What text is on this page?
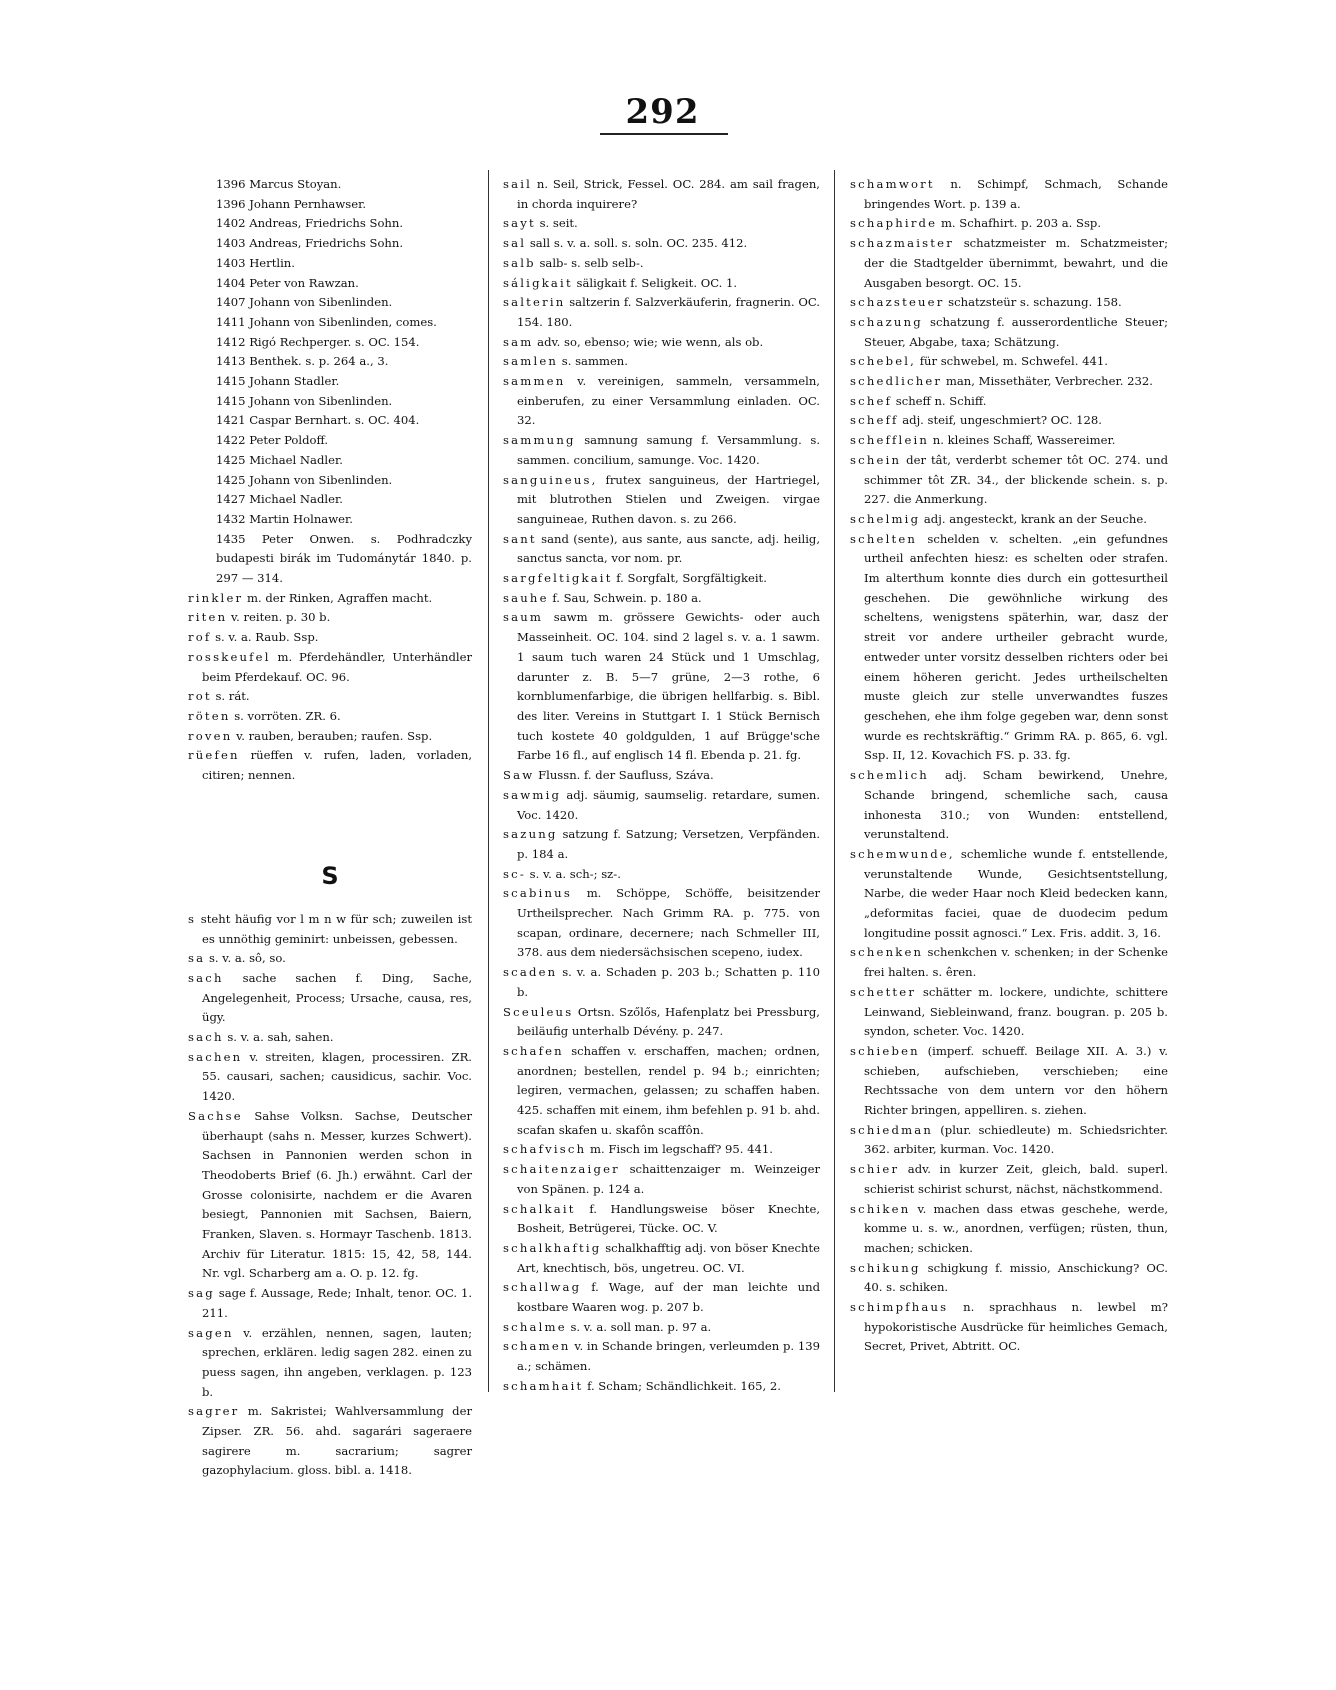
292
1396 Marcus Stoyan.
1396 Johann Pernhawser.
1402 Andreas, Friedrichs Sohn.
1403 Andreas, Friedrichs Sohn.
1403 Hertlin.
1404 Peter von Rawzan.
1407 Johann von Sibenlinden.
1411 Johann von Sibenlinden, comes.
1412 Rigó Rechperger. s. OC. 154.
1413 Benthek. s. p. 264 a., 3.
1415 Johann Stadler.
1415 Johann von Sibenlinden.
1421 Caspar Bernhart. s. OC. 404.
1422 Peter Poldoff.
1425 Michael Nadler.
1425 Johann von Sibenlinden.
1427 Michael Nadler.
1432 Martin Holnawer.
1435 Peter Onwen. s. Podhradczky budapesti birák im Tudománytár 1840. p. 297 — 314.
rinkler m. der Rinken, Agraffen macht.
riten v. reiten. p. 30 b.
rof s. v. a. Raub. Ssp.
rosskeufel m. Pferdehändler, Unterhändler beim Pferdekauf. OC. 96.
rot s. rát.
röten s. vorröten. ZR. 6.
roven v. rauben, berauben; raufen. Ssp.
rüefen rüeffen v. rufen, laden, vorladen, citiren; nennen.
S
s steht häufig vor l m n w für sch; zuweilen ist es unnöthig geminirt: unbeissen, gebessen.
sa s. v. a. sô, so.
sach sache sachen f. Ding, Sache, Angelegenheit, Process; Ursache, causa, res, ügy.
sach s. v. a. sah, sahen.
sachen v. streiten, klagen, processiren. ZR. 55. causari, sachen; causidicus, sachir. Voc. 1420.
Sachse Sahse Volksn. Sachse, Deutscher überhaupt (sahs n. Messer, kurzes Schwert). Sachsen in Pannonien werden schon in Theodoberts Brief (6. Jh.) erwähnt. Carl der Grosse colonisirte, nachdem er die Avaren besiegt, Pannonien mit Sachsen, Baiern, Franken, Slaven. s. Hormayr Taschenb. 1813. Archiv für Literatur. 1815: 15, 42, 58, 144. Nr. vgl. Scharberg am a. O. p. 12. fg.
sag sage f. Aussage, Rede; Inhalt, tenor. OC. 1. 211.
sagen v. erzählen, nennen, sagen, lauten; sprechen, erklären. ledig sagen 282. einen zu puess sagen, ihn angeben, verklagen. p. 123 b.
sagrer m. Sakristei; Wahlversammlung der Zipser. ZR. 56. ahd. sagarári sageraere sagirere m. sacrarium; sagrer gazophylacium. gloss. bibl. a. 1418.
sail n. Seil, Strick, Fessel. OC. 284. am sail fragen, in chorda inquirere?
sayt s. seit.
sal sall s. v. a. soll. s. soln. OC. 235. 412.
salb salb- s. selb selb-.
sáligkait säligkait f. Seligkeit. OC. 1.
salterin saltzerin f. Salzverkäuferin, fragnerin. OC. 154. 180.
sam adv. so, ebenso; wie; wie wenn, als ob.
samlen s. sammen.
sammen v. vereinigen, sammeln, versammeln, einberufen, zu einer Versammlung einladen. OC. 32.
sammung samnung samung f. Versammlung. s. sammen. concilium, samunge. Voc. 1420.
sanguineus, frutex sanguineus, der Hartriegel, mit blutrothen Stielen und Zweigen. virgae sanguineae, Ruthen davon. s. zu 266.
sant sand (sente), aus sante, aus sancte, adj. heilig, sanctus sancta, vor nom. pr.
sargfeltigkait f. Sorgfalt, Sorgfältigkeit.
sauhe f. Sau, Schwein. p. 180 a.
saum sawm m. grössere Gewichts- oder auch Masseinheit. OC. 104. sind 2 lagel s. v. a. 1 sawm. 1 saum tuch waren 24 Stück und 1 Umschlag, darunter z. B. 5—7 grüne, 2—3 rothe, 6 kornblumenfarbige, die übrigen hellfarbig. s. Bibl. des liter. Vereins in Stuttgart I. 1 Stück Bernisch tuch kostete 40 goldgulden, 1 auf Brügge'sche Farbe 16 fl., auf englisch 14 fl. Ebenda p. 21. fg.
Saw Flussn. f. der Saufluss, Száva.
sawmig adj. säumig, saumselig. retardare, sumen. Voc. 1420.
sazung satzung f. Satzung; Versetzen, Verpfänden. p. 184 a.
sc- s. v. a. sch-; sz-.
scabinus m. Schöppe, Schöffe, beisitzender Urtheilsprecher. Nach Grimm RA. p. 775. von scapan, ordinare, decernere; nach Schmeller III, 378. aus dem niedersächsischen scepeno, iudex.
scaden s. v. a. Schaden p. 203 b.; Schatten p. 110 b.
Sceuleus Ortsn. Szőlős, Hafenplatz bei Pressburg, beiläufig unterhalb Dévény. p. 247.
schafen schaffen v. erschaffen, machen; ordnen, anordnen; bestellen, rendel p. 94 b.; einrichten; legiren, vermachen, gelassen; zu schaffen haben. 425. schaffen mit einem, ihm befehlen p. 91 b. ahd. scafan skafen u. skafôn scaffôn.
schafvisch m. Fisch im legschaff? 95. 441.
schaitenzaiger schaittenzaiger m. Weinzeiger von Spänen. p. 124 a.
schalkait f. Handlungsweise böser Knechte, Bosheit, Betrügerei, Tücke. OC. V.
schalkhaftig schalkhafftig adj. von böser Knechte Art, knechtisch, bös, ungetreu. OC. VI.
schallwag f. Wage, auf der man leichte und kostbare Waaren wog. p. 207 b.
schalme s. v. a. soll man. p. 97 a.
schamen v. in Schande bringen, verleumden p. 139 a.; schämen.
schamhait f. Scham; Schändlichkeit. 165, 2.
schamwort n. Schimpf, Schmach, Schande bringendes Wort. p. 139 a.
schaphirde m. Schafhirt. p. 203 a. Ssp.
schazmaister schatzmeister m. Schatzmeister; der die Stadtgelder übernimmt, bewahrt, und die Ausgaben besorgt. OC. 15.
schazsteuer schatzsteür s. schazung. 158.
schazung schatzung f. ausserordentliche Steuer; Steuer, Abgabe, taxa; Schätzung.
schebel, für schwebel, m. Schwefel. 441.
schedlicher man, Missethäter, Verbrecher. 232.
schef scheff n. Schiff.
scheff adj. steif, ungeschmiert? OC. 128.
schefflein n. kleines Schaff, Wassereimer.
schein der tât, verderbt schemer tôt OC. 274. und schimmer tôt ZR. 34., der blickende schein. s. p. 227. die Anmerkung.
schelmig adj. angesteckt, krank an der Seuche.
schelten schelden v. schelten. „ein gefundnes urtheil anfechten hiesz: es schelten oder strafen. Im alterthum konnte dies durch ein gottesurtheil geschehen. Die gewöhnliche wirkung des scheltens, wenigstens späterhin, war, dasz der streit vor andere urtheiler gebracht wurde, entweder unter vorsitz desselben richters oder bei einem höheren gericht. Jedes urtheilschelten muste gleich zur stelle unverwandtes fuszes geschehen, ehe ihm folge gegeben war, denn sonst wurde es rechtskräftig.“ Grimm RA. p. 865, 6. vgl. Ssp. II, 12. Kovachich FS. p. 33. fg.
schemlich adj. Scham bewirkend, Unehre, Schande bringend, schemliche sach, causa inhonesta 310.; von Wunden: entstellend, verunstaltend.
schemwunde, schemliche wunde f. entstellende, verunstaltende Wunde, Gesichtsentstellung, Narbe, die weder Haar noch Kleid bedecken kann, „deformitas faciei, quae de duodecim pedum longitudine possit agnosci.“ Lex. Fris. addit. 3, 16.
schenken schenkchen v. schenken; in der Schenke frei halten. s. êren.
schetter schätter m. lockere, undichte, schittere Leinwand, Siebleinwand, franz. bougran. p. 205 b. syndon, scheter. Voc. 1420.
schieben (imperf. schueff. Beilage XII. A. 3.) v. schieben, aufschieben, verschieben; eine Rechtssache von dem untern vor den höhern Richter bringen, appelliren. s. ziehen.
schiedman (plur. schiedleute) m. Schiedsrichter. 362. arbiter, kurman. Voc. 1420.
schier adv. in kurzer Zeit, gleich, bald. superl. schierist schirist schurst, nächst, nächstkommend.
schiken v. machen dass etwas geschehe, werde, komme u. s. w., anordnen, verfügen; rüsten, thun, machen; schicken.
schikung schigkung f. missio, Anschickung? OC. 40. s. schiken.
schimpfhaus n. sprachhaus n. lewbel m? hypokoristische Ausdrücke für heimliches Gemach, Secret, Privet, Abtritt. OC.
